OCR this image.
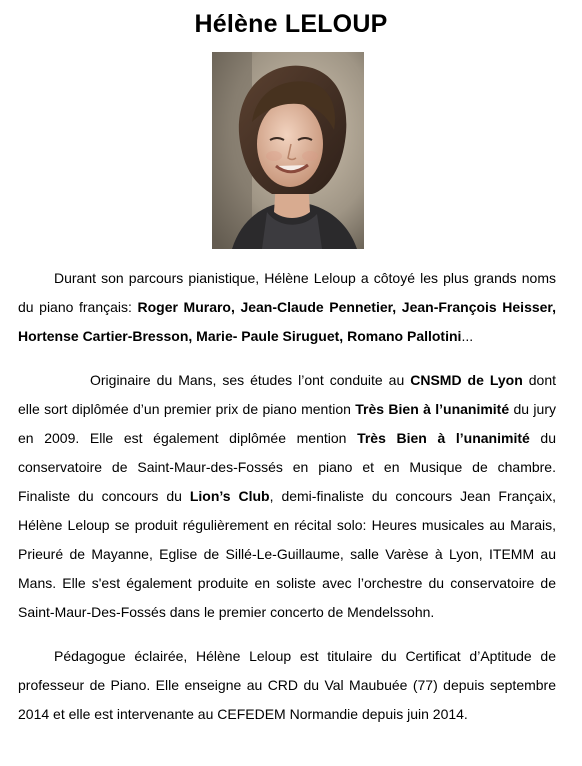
Hélène LELOUP

Durant son parcours pianistique, Hélène Leloup a côtoyé les plus grands noms du piano français: Roger Muraro, Jean-Claude Pennetier, Jean-François Heisser, Hortense Cartier-Bresson, Marie- Paule Siruguet, Romano Pallotini...

Originaire du Mans, ses études l’ont conduite au CNSMD de Lyon dont elle sort diplômée d’un premier prix de piano mention Très Bien à l’unanimité du jury en 2009. Elle est également diplômée mention Très Bien à l’unanimité du conservatoire de Saint-Maur-des-Fossés en piano et en Musique de chambre. Finaliste du concours du Lion’s Club, demi-finaliste du concours Jean Françaix, Hélène Leloup se produit régulièrement en récital solo: Heures musicales au Marais, Prieuré de Mayanne, Eglise de Sillé-Le-Guillaume, salle Varèse à Lyon, ITEMM au Mans. Elle s'est également produite en soliste avec l’orchestre du conservatoire de Saint-Maur-Des-Fossés dans le premier concerto de Mendelssohn.

Pédagogue éclairée, Hélène Leloup est titulaire du Certificat d’Aptitude de professeur de Piano. Elle enseigne au CRD du Val Maubuée (77) depuis septembre 2014 et elle est intervenante au CEFEDEM Normandie depuis juin 2014.
